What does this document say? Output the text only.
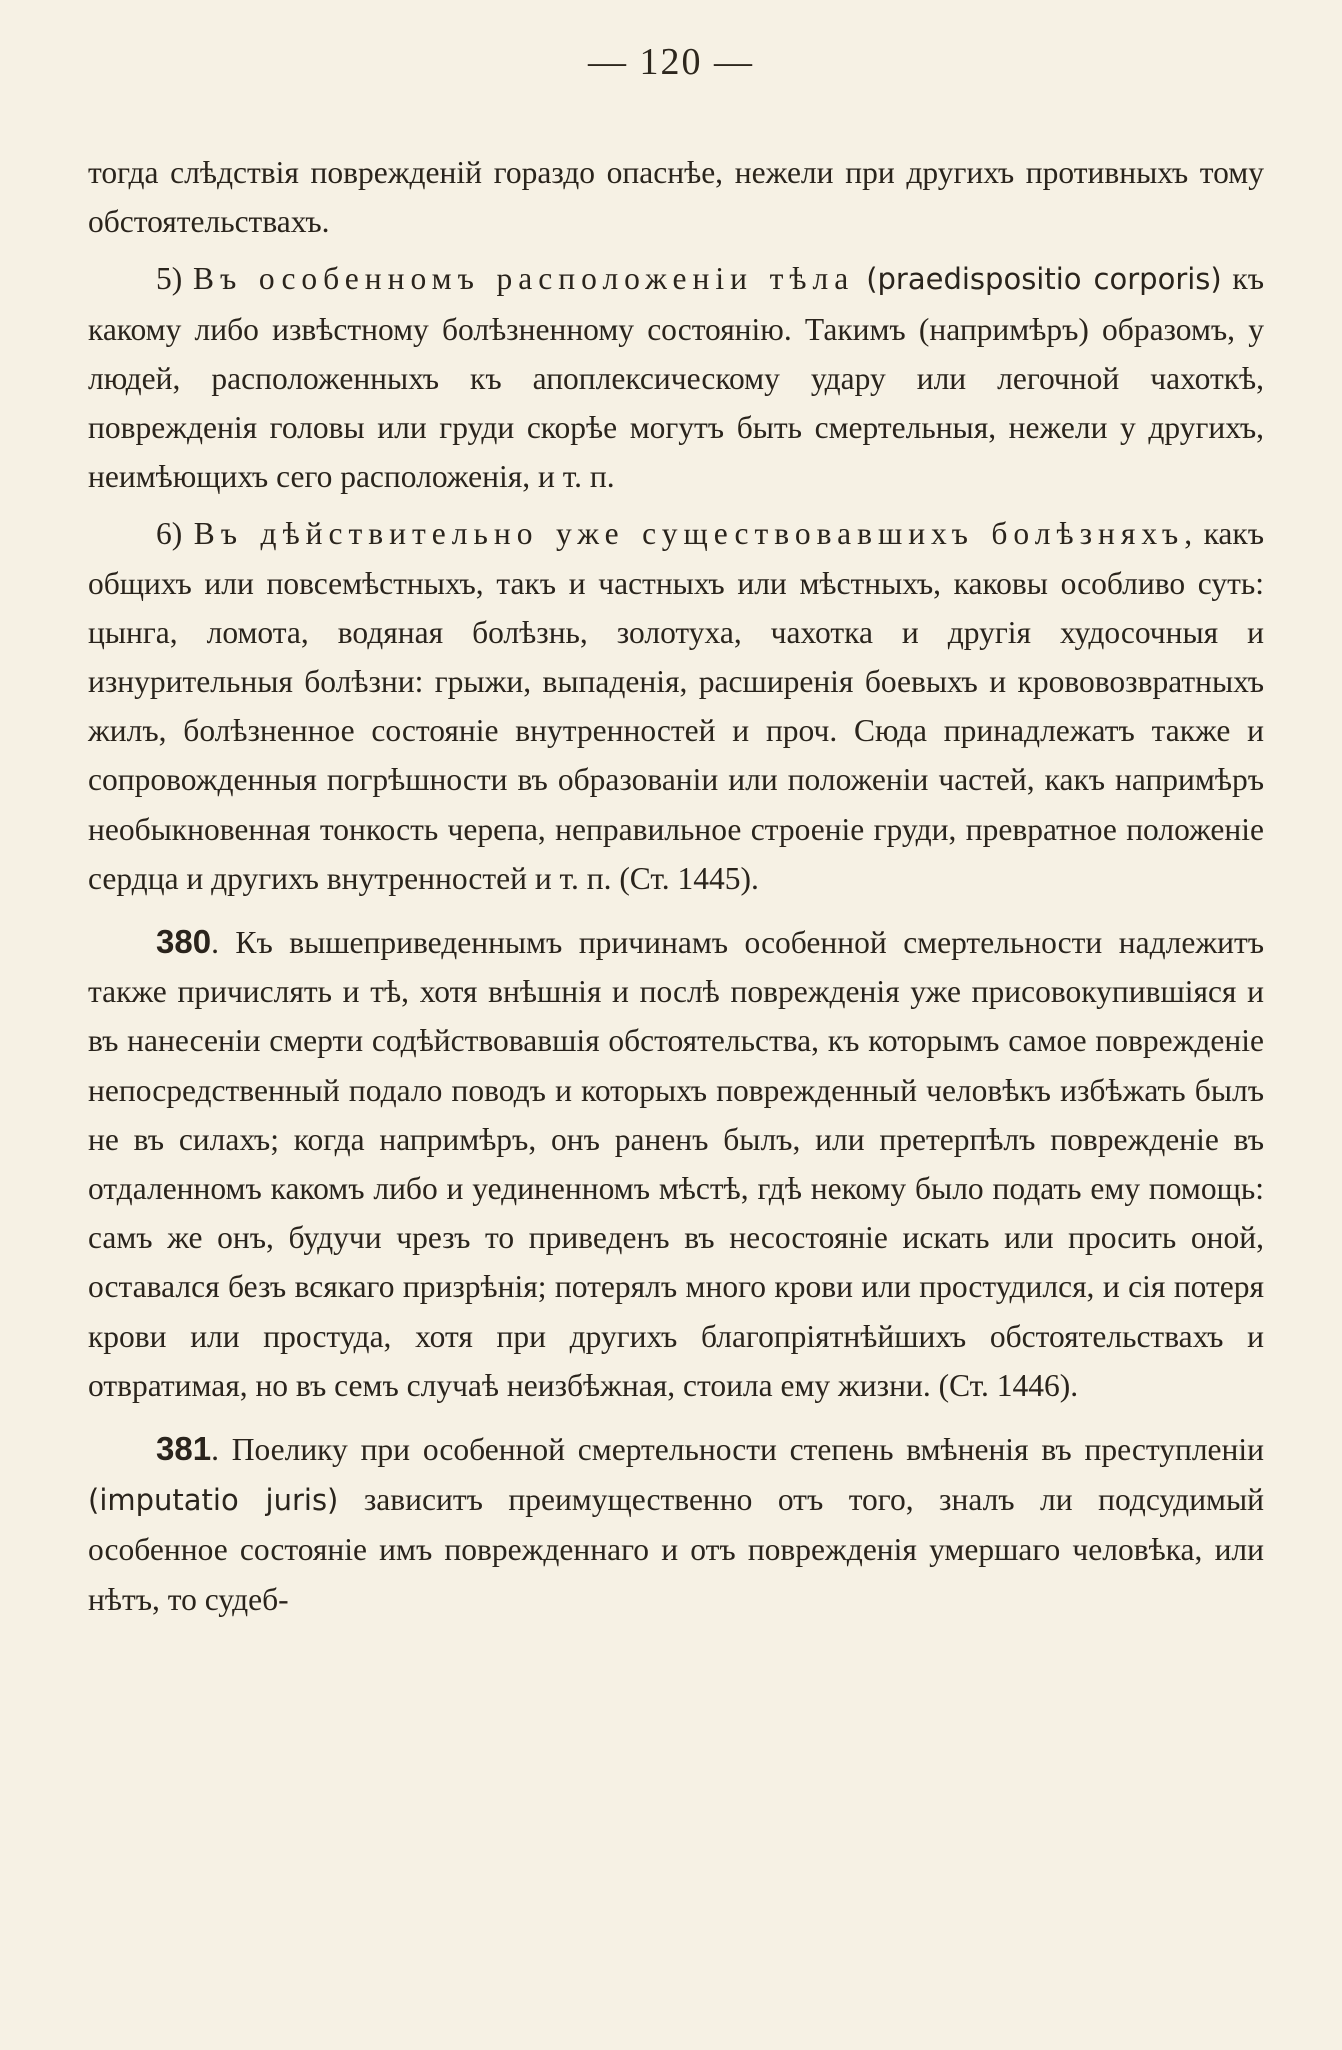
— 120 —

тогда слѣдствія поврежденій гораздо опаснѣе, нежели при другихъ противныхъ тому обстоятельствахъ.

5) Въ особенномъ расположеніи тѣла (praedispositio corporis) къ какому либо извѣстному болѣзненному состоянію. Такимъ (напримѣръ) образомъ, у людей, расположенныхъ къ апоплексическому удару или легочной чахоткѣ, поврежденія головы или груди скорѣе могутъ быть смертельныя, нежели у другихъ, неимѣющихъ сего расположенія, и т. п.

6) Въ дѣйствительно уже существовавшихъ болѣзняхъ, какъ общихъ или повсемѣстныхъ, такъ и частныхъ или мѣстныхъ, каковы особливо суть: цынга, ломота, водяная болѣзнь, золотуха, чахотка и другія худосочныя и изнурительныя болѣзни: грыжи, выпаденія, расширенія боевыхъ и крововозвратныхъ жилъ, болѣзненное состояніе внутренностей и проч. Сюда принадлежатъ также и сопровожденныя погрѣшности въ образованіи или положеніи частей, какъ напримѣръ необыкновенная тонкость черепа, неправильное строеніе груди, превратное положеніе сердца и другихъ внутренностей и т. п. (Ст. 1445).

380. Къ вышеприведеннымъ причинамъ особенной смертельности надлежитъ также причислять и тѣ, хотя внѣшнія и послѣ поврежденія уже присовокупившіяся и въ нанесеніи смерти содѣйствовавшія обстоятельства, къ которымъ самое поврежденіе непосредственный подало поводъ и которыхъ поврежденный человѣкъ избѣжать былъ не въ силахъ; когда напримѣръ, онъ раненъ былъ, или претерпѣлъ поврежденіе въ отдаленномъ какомъ либо и уединенномъ мѣстѣ, гдѣ некому было подать ему помощь: самъ же онъ, будучи чрезъ то приведенъ въ несостояніе искать или просить оной, оставался безъ всякаго призрѣнія; потерялъ много крови или простудился, и сія потеря крови или простуда, хотя при другихъ благопріятнѣйшихъ обстоятельствахъ и отвратимая, но въ семъ случаѣ неизбѣжная, стоила ему жизни. (Ст. 1446).

381. Поелику при особенной смертельности степень вмѣненія въ преступленіи (imputatio juris) зависитъ преимущественно отъ того, зналъ ли подсудимый особенное состояніе имъ поврежденнаго и отъ поврежденія умершаго человѣка, или нѣтъ, то судеб-
